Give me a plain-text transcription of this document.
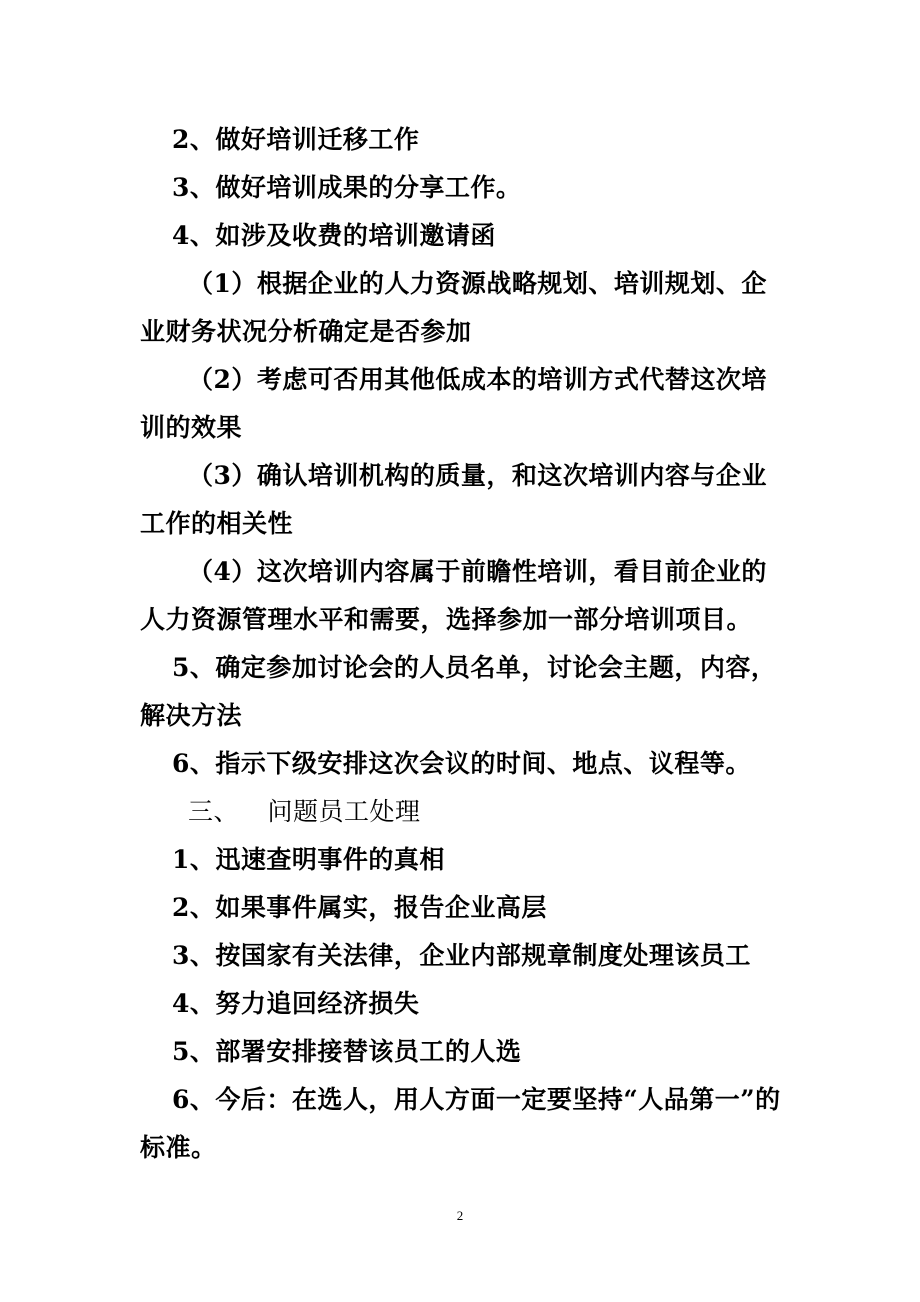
2、做好培训迁移工作

3、做好培训成果的分享工作。

4、如涉及收费的培训邀请函

（1）根据企业的人力资源战略规划、培训规划、企业财务状况分析确定是否参加

（2）考虑可否用其他低成本的培训方式代替这次培训的效果

（3）确认培训机构的质量，和这次培训内容与企业工作的相关性

（4）这次培训内容属于前瞻性培训，看目前企业的人力资源管理水平和需要，选择参加一部分培训项目。

5、确定参加讨论会的人员名单，讨论会主题，内容，解决方法

6、指示下级安排这次会议的时间、地点、议程等。

三、 问题员工处理

1、迅速查明事件的真相

2、如果事件属实，报告企业高层

3、按国家有关法律，企业内部规章制度处理该员工

4、努力追回经济损失

5、部署安排接替该员工的人选

6、今后：在选人，用人方面一定要坚持“人品第一”的标准。

2
